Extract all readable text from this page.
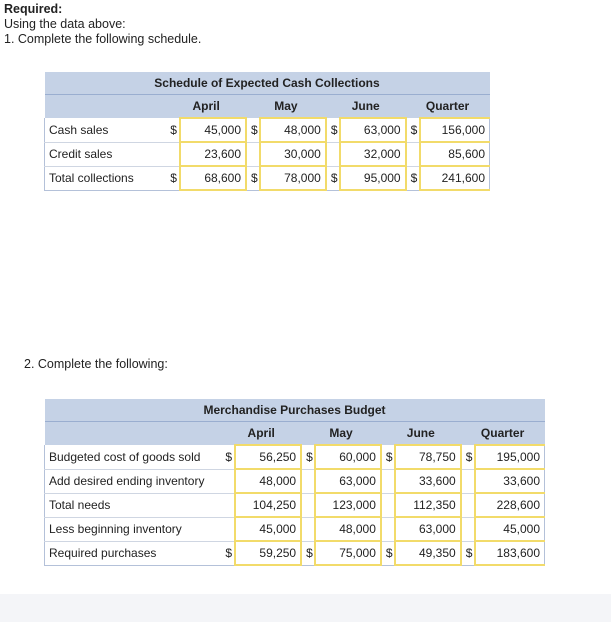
Required:
Using the data above:
1. Complete the following schedule.
Schedule of Expected Cash Collections								
	April		May		June		Quarter	
Cash sales	$	45,000	$	48,000	$	63,000	$	156,000
Credit sales		23,600		30,000		32,000		85,600
Total collections	$	68,600	$	78,000	$	95,000	$	241,600
2. Complete the following:
Merchandise Purchases Budget								
	April		May		June		Quarter	
Budgeted cost of goods sold	$	56,250	$	60,000	$	78,750	$	195,000
Add desired ending inventory		48,000		63,000		33,600		33,600
Total needs		104,250		123,000		112,350		228,600
Less beginning inventory		45,000		48,000		63,000		45,000
Required purchases	$	59,250	$	75,000	$	49,350	$	183,600
